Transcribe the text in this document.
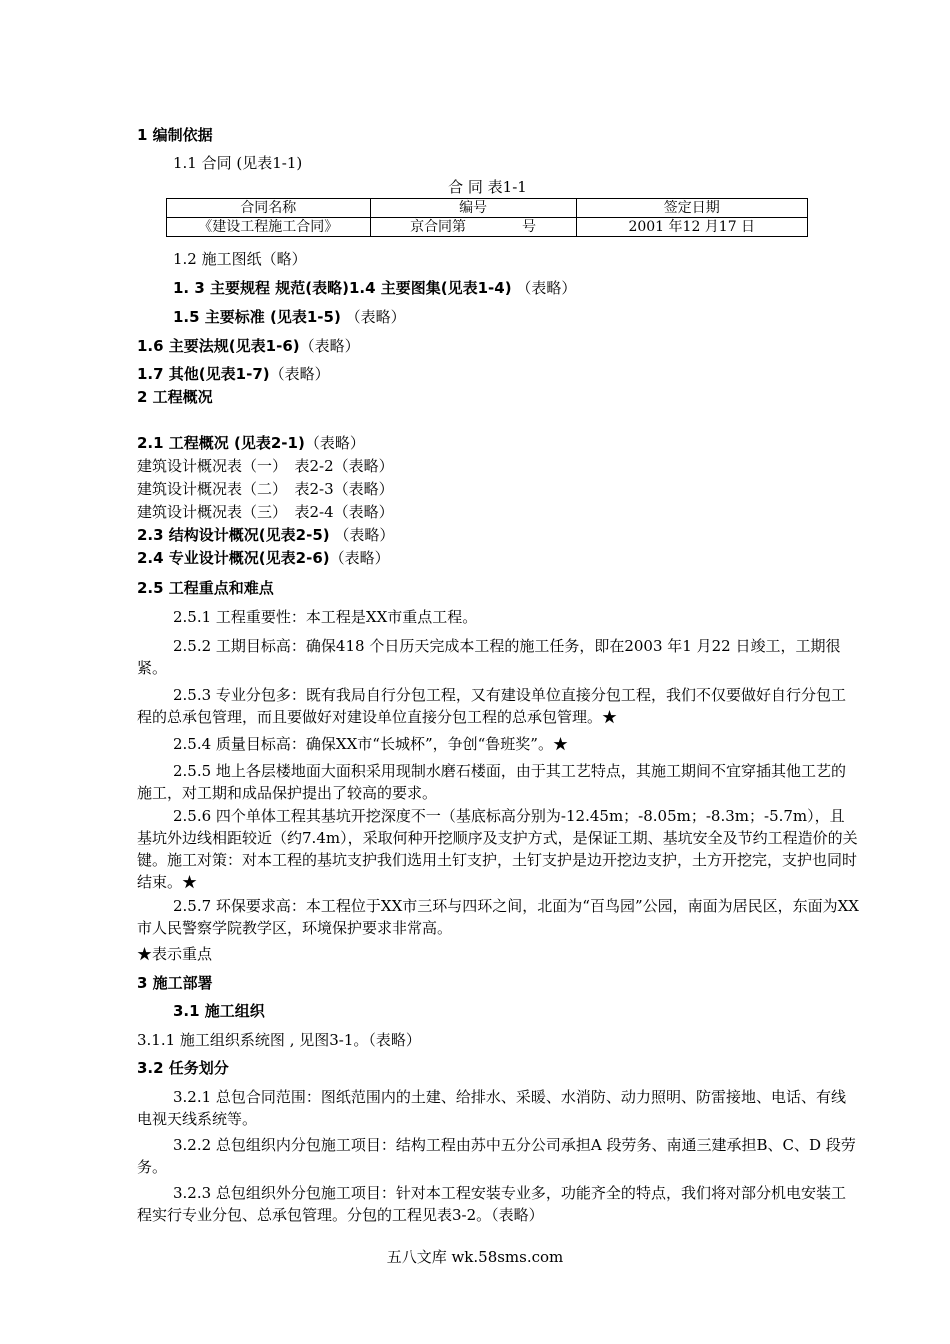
1 编制依据
1.1 合同 (见表1-1)
合 同 表1-1
合同名称	编号	签定日期
《建设工程施工合同》	京合同第　　　　号	2001 年12 月17 日
1.2 施工图纸（略）
1. 3 主要规程 规范(表略)1.4 主要图集(见表1-4) （表略）
1.5 主要标准 (见表1-5) （表略）
1.6 主要法规(见表1-6)（表略）
1.7 其他(见表1-7)（表略）
2 工程概况
2.1 工程概况 (见表2-1)（表略）
建筑设计概况表（一）　表2-2（表略）
建筑设计概况表（二）　表2-3（表略）
建筑设计概况表（三）　表2-4（表略）
2.3 结构设计概况(见表2-5) （表略）
2.4 专业设计概况(见表2-6)（表略）
2.5 工程重点和难点
2.5.1 工程重要性：本工程是XX市重点工程。
2.5.2 工期目标高：确保418 个日历天完成本工程的施工任务，即在2003 年1 月22 日竣工，工期很紧。
2.5.3 专业分包多：既有我局自行分包工程，又有建设单位直接分包工程，我们不仅要做好自行分包工程的总承包管理，而且要做好对建设单位直接分包工程的总承包管理。★
2.5.4 质量目标高：确保XX市“长城杯”，争创“鲁班奖”。★
2.5.5 地上各层楼地面大面积采用现制水磨石楼面，由于其工艺特点，其施工期间不宜穿插其他工艺的施工，对工期和成品保护提出了较高的要求。
2.5.6 四个单体工程其基坑开挖深度不一（基底标高分别为-12.45m；-8.05m；-8.3m；-5.7m），且基坑外边线相距较近（约7.4m），采取何种开挖顺序及支护方式，是保证工期、基坑安全及节约工程造价的关键。施工对策：对本工程的基坑支护我们选用土钉支护，土钉支护是边开挖边支护，土方开挖完，支护也同时结束。★
2.5.7 环保要求高：本工程位于XX市三环与四环之间，北面为“百鸟园”公园，南面为居民区，东面为XX市人民警察学院教学区，环境保护要求非常高。
★表示重点
3 施工部署
3.1 施工组织
3.1.1 施工组织系统图 , 见图3-1。（表略）
3.2 任务划分
3.2.1 总包合同范围：图纸范围内的土建、给排水、采暖、水消防、动力照明、防雷接地、电话、有线电视天线系统等。
3.2.2 总包组织内分包施工项目：结构工程由苏中五分公司承担A 段劳务、南通三建承担B、C、D 段劳务。
3.2.3 总包组织外分包施工项目：针对本工程安装专业多，功能齐全的特点，我们将对部分机电安装工程实行专业分包、总承包管理。分包的工程见表3-2。（表略）
五八文库 wk.58sms.com
